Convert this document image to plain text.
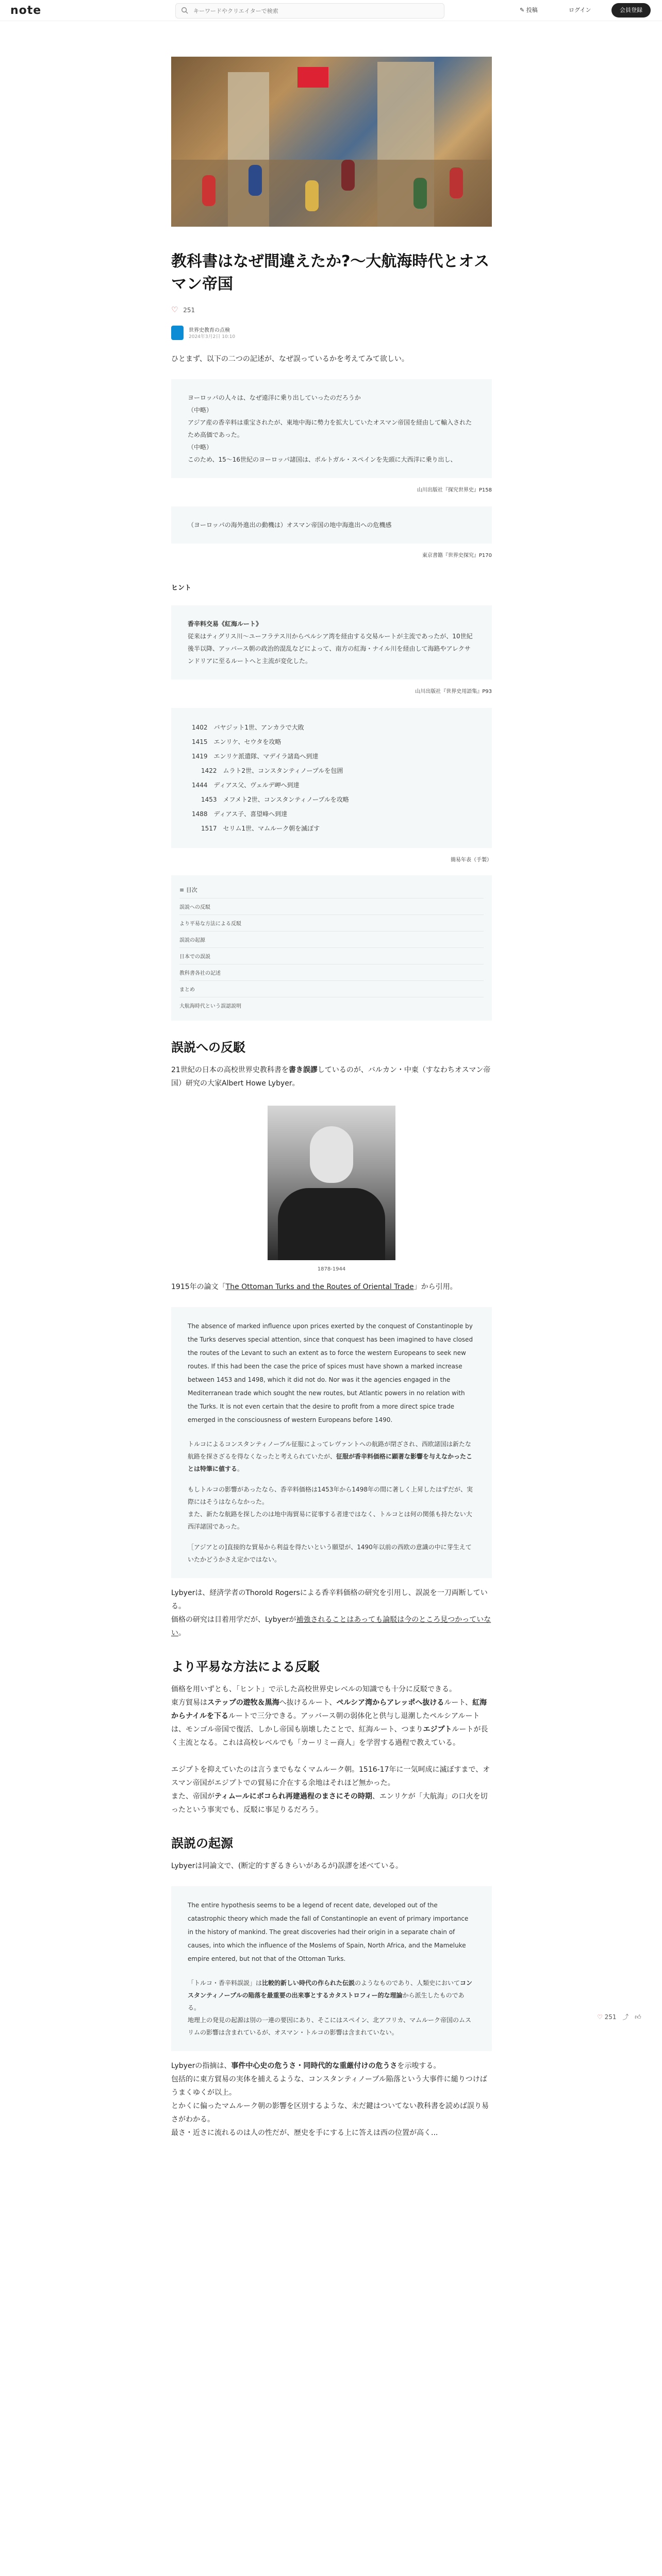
note
キーワードやクリエイターで検索	✎ 投稿	ログイン	会員登録
教科書はなぜ間違えたか?～大航海時代とオスマン帝国
♡ 251
世界史教育の点検
2024年3月2日 10:10

ひとまず、以下の二つの記述が、なぜ誤っているかを考えてみて欲しい。

ヨーロッパの人々は、なぜ遠洋に乗り出していったのだろうか
（中略）
アジア産の香辛料は重宝されたが、東地中海に勢力を拡大していたオスマン帝国を経由して輸入されたため高価であった。
（中略）
このため、15～16世紀のヨーロッパ諸国は、ポルトガル・スペインを先頭に大西洋に乗り出し、
山川出版社『探究世界史』P158
（ヨーロッパの海外進出の動機は）オスマン帝国の地中海進出への危機感
東京書籍『世界史探究』P170
ヒント
香辛料交易《紅海ルート》
従来はティグリス川～ユーフラテス川からペルシア湾を経由する交易ルートが主流であったが、10世紀後半以降、アッバース朝の政治的混乱などによって、南方の紅海・ナイル川を経由して海路やアレクサンドリアに至るルートへと主流が変化した。
山川出版社『世界史用語集』P93
1402　バヤジット1世、アンカラで大敗
1415　エンリケ、セウタを攻略
1419　エンリケ派遣隊、マデイラ諸島へ到達
1422　ムラト2世、コンスタンティノープルを包囲
1444　ディアス父、ヴェルデ岬へ到達
1453　メフメト2世、コンスタンティノープルを攻略
1488　ディアス子、喜望峰へ到達
1517　セリム1世、マムルーク朝を滅ぼす
簡易年表（手製）
≡ 目次
誤説への反駁
より平易な方法による反駁
誤説の起源
日本での誤説
教科書各社の記述
まとめ
大航海時代という誤認説明
誤説への反駁

21世紀の日本の高校世界史教科書を書き誤謬しているのが、バルカン・中東（すなわちオスマン帝国）研究の大家Albert Howe Lybyer。

1878-1944

1915年の論文「The Ottoman Turks and the Routes of Oriental Trade」から引用。

The absence of marked influence upon prices exerted by the conquest of Constantinople by the Turks deserves special attention, since that conquest has been imagined to have closed the routes of the Levant to such an extent as to force the western Europeans to seek new routes. If this had been the case the price of spices must have shown a marked increase between 1453 and 1498, which it did not do. Nor was it the agencies engaged in the Mediterranean trade which sought the new routes, but Atlantic powers in no relation with the Turks. It is not even certain that the desire to profit from a more direct spice trade emerged in the consciousness of western Europeans before 1490.
トルコによるコンスタンティノープル征服によってレヴァントへの航路が閉ざされ、西欧諸国は新たな航路を探さざるを得なくなったと考えられていたが、征服が香辛料価格に顕著な影響を与えなかったことは特筆に値する。
もしトルコの影響があったなら、香辛料価格は1453年から1498年の間に著しく上昇したはずだが、実際にはそうはならなかった。
また、新たな航路を探したのは地中海貿易に従事する者達ではなく、トルコとは何の関係も持たない大西洋諸国であった。
［アジアとの]直接的な貿易から利益を得たいという願望が、1490年以前の西欧の意識の中に芽生えていたかどうかさえ定かではない。

Lybyerは、経済学者のThorold Rogersによる香辛料価格の研究を引用し、誤説を一刀両断している。

価格の研究は目着用学だが、Lybyerが補強されることはあっても論駁は今のところ見つかっていない。

より平易な方法による反駁

価格を用いずとも、「ヒント」で示した高校世界史レベルの知識でも十分に反駁できる。

東方貿易はステップの遊牧＆黒海へ抜けるルート、ペルシア湾からアレッポへ抜けるルート、紅海からナイルを下るルートで三分できる。アッバース朝の弱体化と供与し退潮したペルシアルートは、モンゴル帝国で復活、しかし帝国も崩壊したことで、紅海ルート、つまりエジプトルートが長く主流となる。これは高校レベルでも「カーリミー商人」を学習する過程で教えている。

エジプトを抑えていたのは言うまでもなくマムルーク朝。1516-17年に一気呵成に滅ぼすまで、オスマン帝国がエジプトでの貿易に介在する余地はそれほど無かった。

また、帝国がティムールにボコられ再建過程のまさにその時期、エンリケが「大航海」の口火を切ったという事実でも、反駁に事足りるだろう。

誤説の起源

Lybyerは同論文で、(断定的すぎるきらいがあるが)誤謬を述べている。

The entire hypothesis seems to be a legend of recent date, developed out of the catastrophic theory which made the fall of Constantinople an event of primary importance in the history of mankind. The great discoveries had their origin in a separate chain of causes, into which the influence of the Moslems of Spain, North Africa, and the Mameluke empire entered, but not that of the Ottoman Turks.
「トルコ・香辛料誤説」は比較的新しい時代の作られた伝説のようなものであり、人類史においてコンスタンティノープルの陥落を最重要の出来事とするカタストロフィー的な理論から派生したものである。
地理上の発見の起源は別の一連の要因にあり、そこにはスペイン、北アフリカ、マムルーク帝国のムスリムの影響は含まれているが、オスマン・トルコの影響は含まれていない。

Lybyerの指摘は、事件中心史の危うさ・同時代的な重厳付けの危うさを示唆する。

包括的に東方貿易の実体を捕えるような、コンスタンティノープル陥落という大事件に縋りつけばうまくゆくが以上。

とかくに偏ったマムルーク朝の影響を区別するような、未だ鍵はついてない教科書を読めば誤り易さがわかる。

最さ・近さに流れるのは人の性だが、歴史を手にする上に答えは西の位置が高く...

♡ 251 ⤴ 👍︎
